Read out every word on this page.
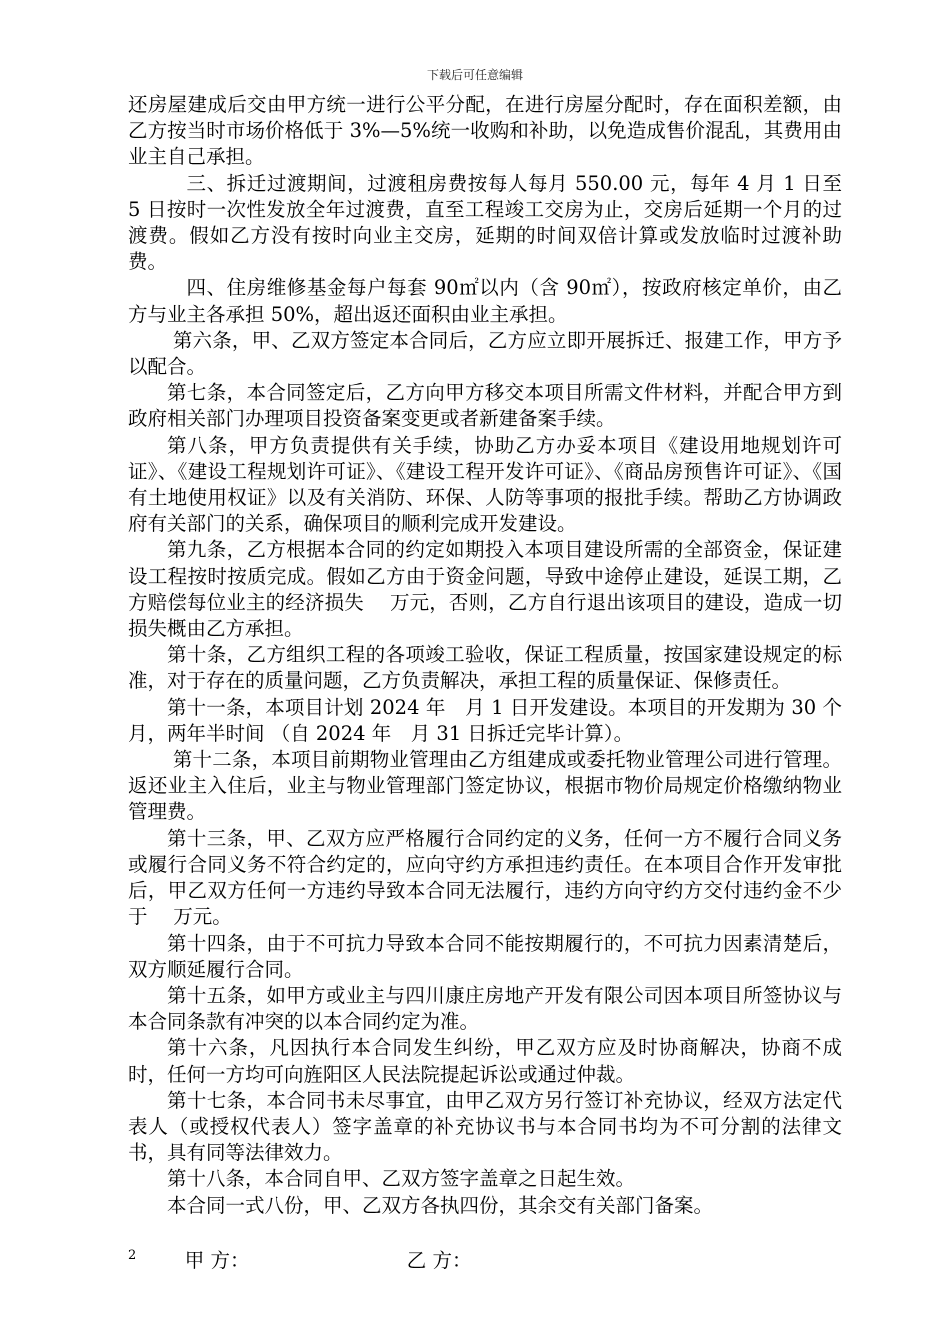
下载后可任意编辑

还房屋建成后交由甲方统一进行公平分配，在进行房屋分配时，存在面积差额，由乙方按当时市场价格低于 3%—5%统一收购和补助，以免造成售价混乱，其费用由业主自己承担。

三、拆迁过渡期间，过渡租房费按每人每月 550.00 元，每年 4 月 1 日至 5 日按时一次性发放全年过渡费，直至工程竣工交房为止，交房后延期一个月的过渡费。假如乙方没有按时向业主交房，延期的时间双倍计算或发放临时过渡补助费。

四、住房维修基金每户每套 90㎡以内（含 90㎡），按政府核定单价，由乙方与业主各承担 50%，超出返还面积由业主承担。

第六条，甲、乙双方签定本合同后，乙方应立即开展拆迁、报建工作，甲方予以配合。

第七条，本合同签定后，乙方向甲方移交本项目所需文件材料，并配合甲方到政府相关部门办理项目投资备案变更或者新建备案手续。

第八条，甲方负责提供有关手续，协助乙方办妥本项目《建设用地规划许可证》、《建设工程规划许可证》、《建设工程开发许可证》、《商品房预售许可证》、《国有土地使用权证》以及有关消防、环保、人防等事项的报批手续。帮助乙方协调政府有关部门的关系，确保项目的顺利完成开发建设。

第九条，乙方根据本合同的约定如期投入本项目建设所需的全部资金，保证建设工程按时按质完成。假如乙方由于资金问题，导致中途停止建设，延误工期，乙方赔偿每位业主的经济损失　 万元，否则，乙方自行退出该项目的建设，造成一切损失概由乙方承担。

第十条，乙方组织工程的各项竣工验收，保证工程质量，按国家建设规定的标准，对于存在的质量问题，乙方负责解决，承担工程的质量保证、保修责任。

第十一条，本项目计划 2024 年　月 1 日开发建设。本项目的开发期为 30 个月，两年半时间 （自 2024 年　月 31 日拆迁完毕计算）。

第十二条，本项目前期物业管理由乙方组建成或委托物业管理公司进行管理。返还业主入住后，业主与物业管理部门签定协议，根据市物价局规定价格缴纳物业管理费。

第十三条，甲、乙双方应严格履行合同约定的义务，任何一方不履行合同义务或履行合同义务不符合约定的，应向守约方承担违约责任。在本项目合作开发审批后，甲乙双方任何一方违约导致本合同无法履行，违约方向守约方交付违约金不少于　 万元。

第十四条，由于不可抗力导致本合同不能按期履行的，不可抗力因素清楚后，双方顺延履行合同。

第十五条，如甲方或业主与四川康庄房地产开发有限公司因本项目所签协议与本合同条款有冲突的以本合同约定为准。

第十六条，凡因执行本合同发生纠纷，甲乙双方应及时协商解决，协商不成时，任何一方均可向旌阳区人民法院提起诉讼或通过仲裁。

第十七条，本合同书未尽事宜，由甲乙双方另行签订补充协议，经双方法定代表人（或授权代表人）签字盖章的补充协议书与本合同书均为不可分割的法律文书，具有同等法律效力。

第十八条，本合同自甲、乙双方签字盖章之日起生效。

本合同一式八份，甲、乙双方各执四份，其余交有关部门备案。

甲 方：	乙 方：

2
